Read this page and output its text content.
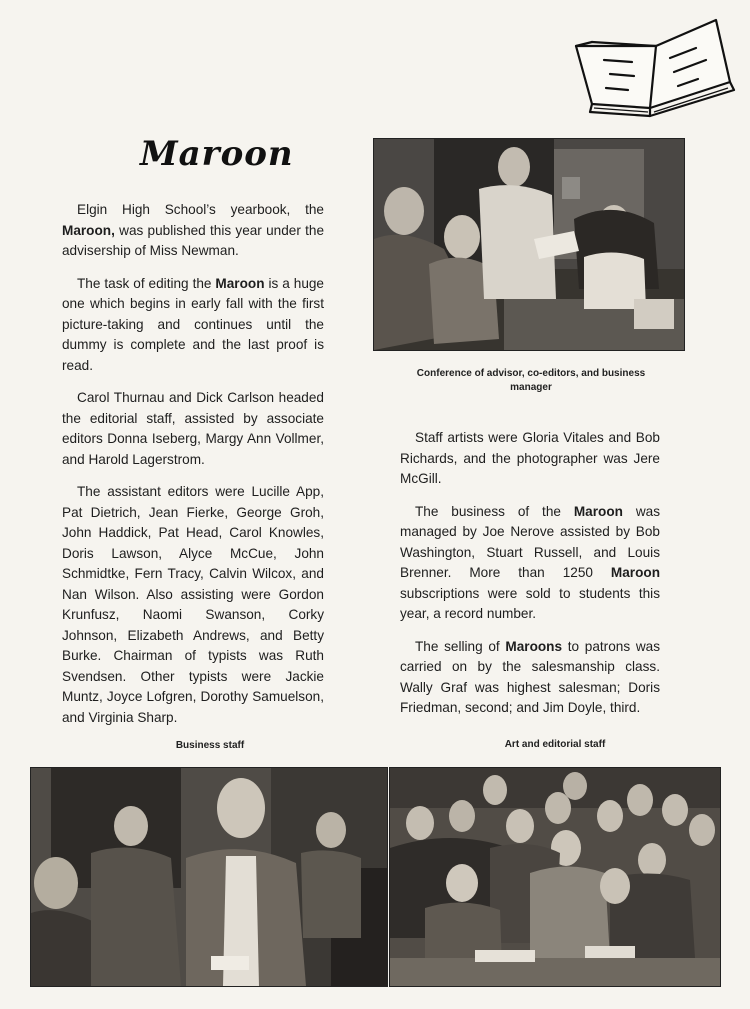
Maroon

Elgin High School’s yearbook, the Maroon, was published this year under the advisership of Miss Newman.

The task of editing the Maroon is a huge one which begins in early fall with the first picture-taking and continues until the dummy is complete and the last proof is read.

Carol Thurnau and Dick Carlson headed the editorial staff, assisted by associate editors Donna Iseberg, Margy Ann Vollmer, and Harold Lagerstrom.

The assistant editors were Lucille App, Pat Dietrich, Jean Fierke, George Groh, John Haddick, Pat Head, Carol Knowles, Doris Lawson, Alyce McCue, John Schmidtke, Fern Tracy, Calvin Wilcox, and Nan Wilson. Also assisting were Gordon Krunfusz, Naomi Swanson, Corky Johnson, Elizabeth Andrews, and Betty Burke. Chairman of typists was Ruth Svendsen. Other typists were Jackie Muntz, Joyce Lofgren, Dorothy Samuelson, and Virginia Sharp.

Conference of advisor, co-editors, and business manager

Staff artists were Gloria Vitales and Bob Richards, and the photographer was Jere McGill.

The business of the Maroon was managed by Joe Nerove assisted by Bob Washington, Stuart Russell, and Louis Brenner. More than 1250 Maroon subscriptions were sold to students this year, a record number.

The selling of Maroons to patrons was carried on by the salesmanship class. Wally Graf was highest salesman; Doris Friedman, second; and Jim Doyle, third.

Business staff	Art and editorial staff
